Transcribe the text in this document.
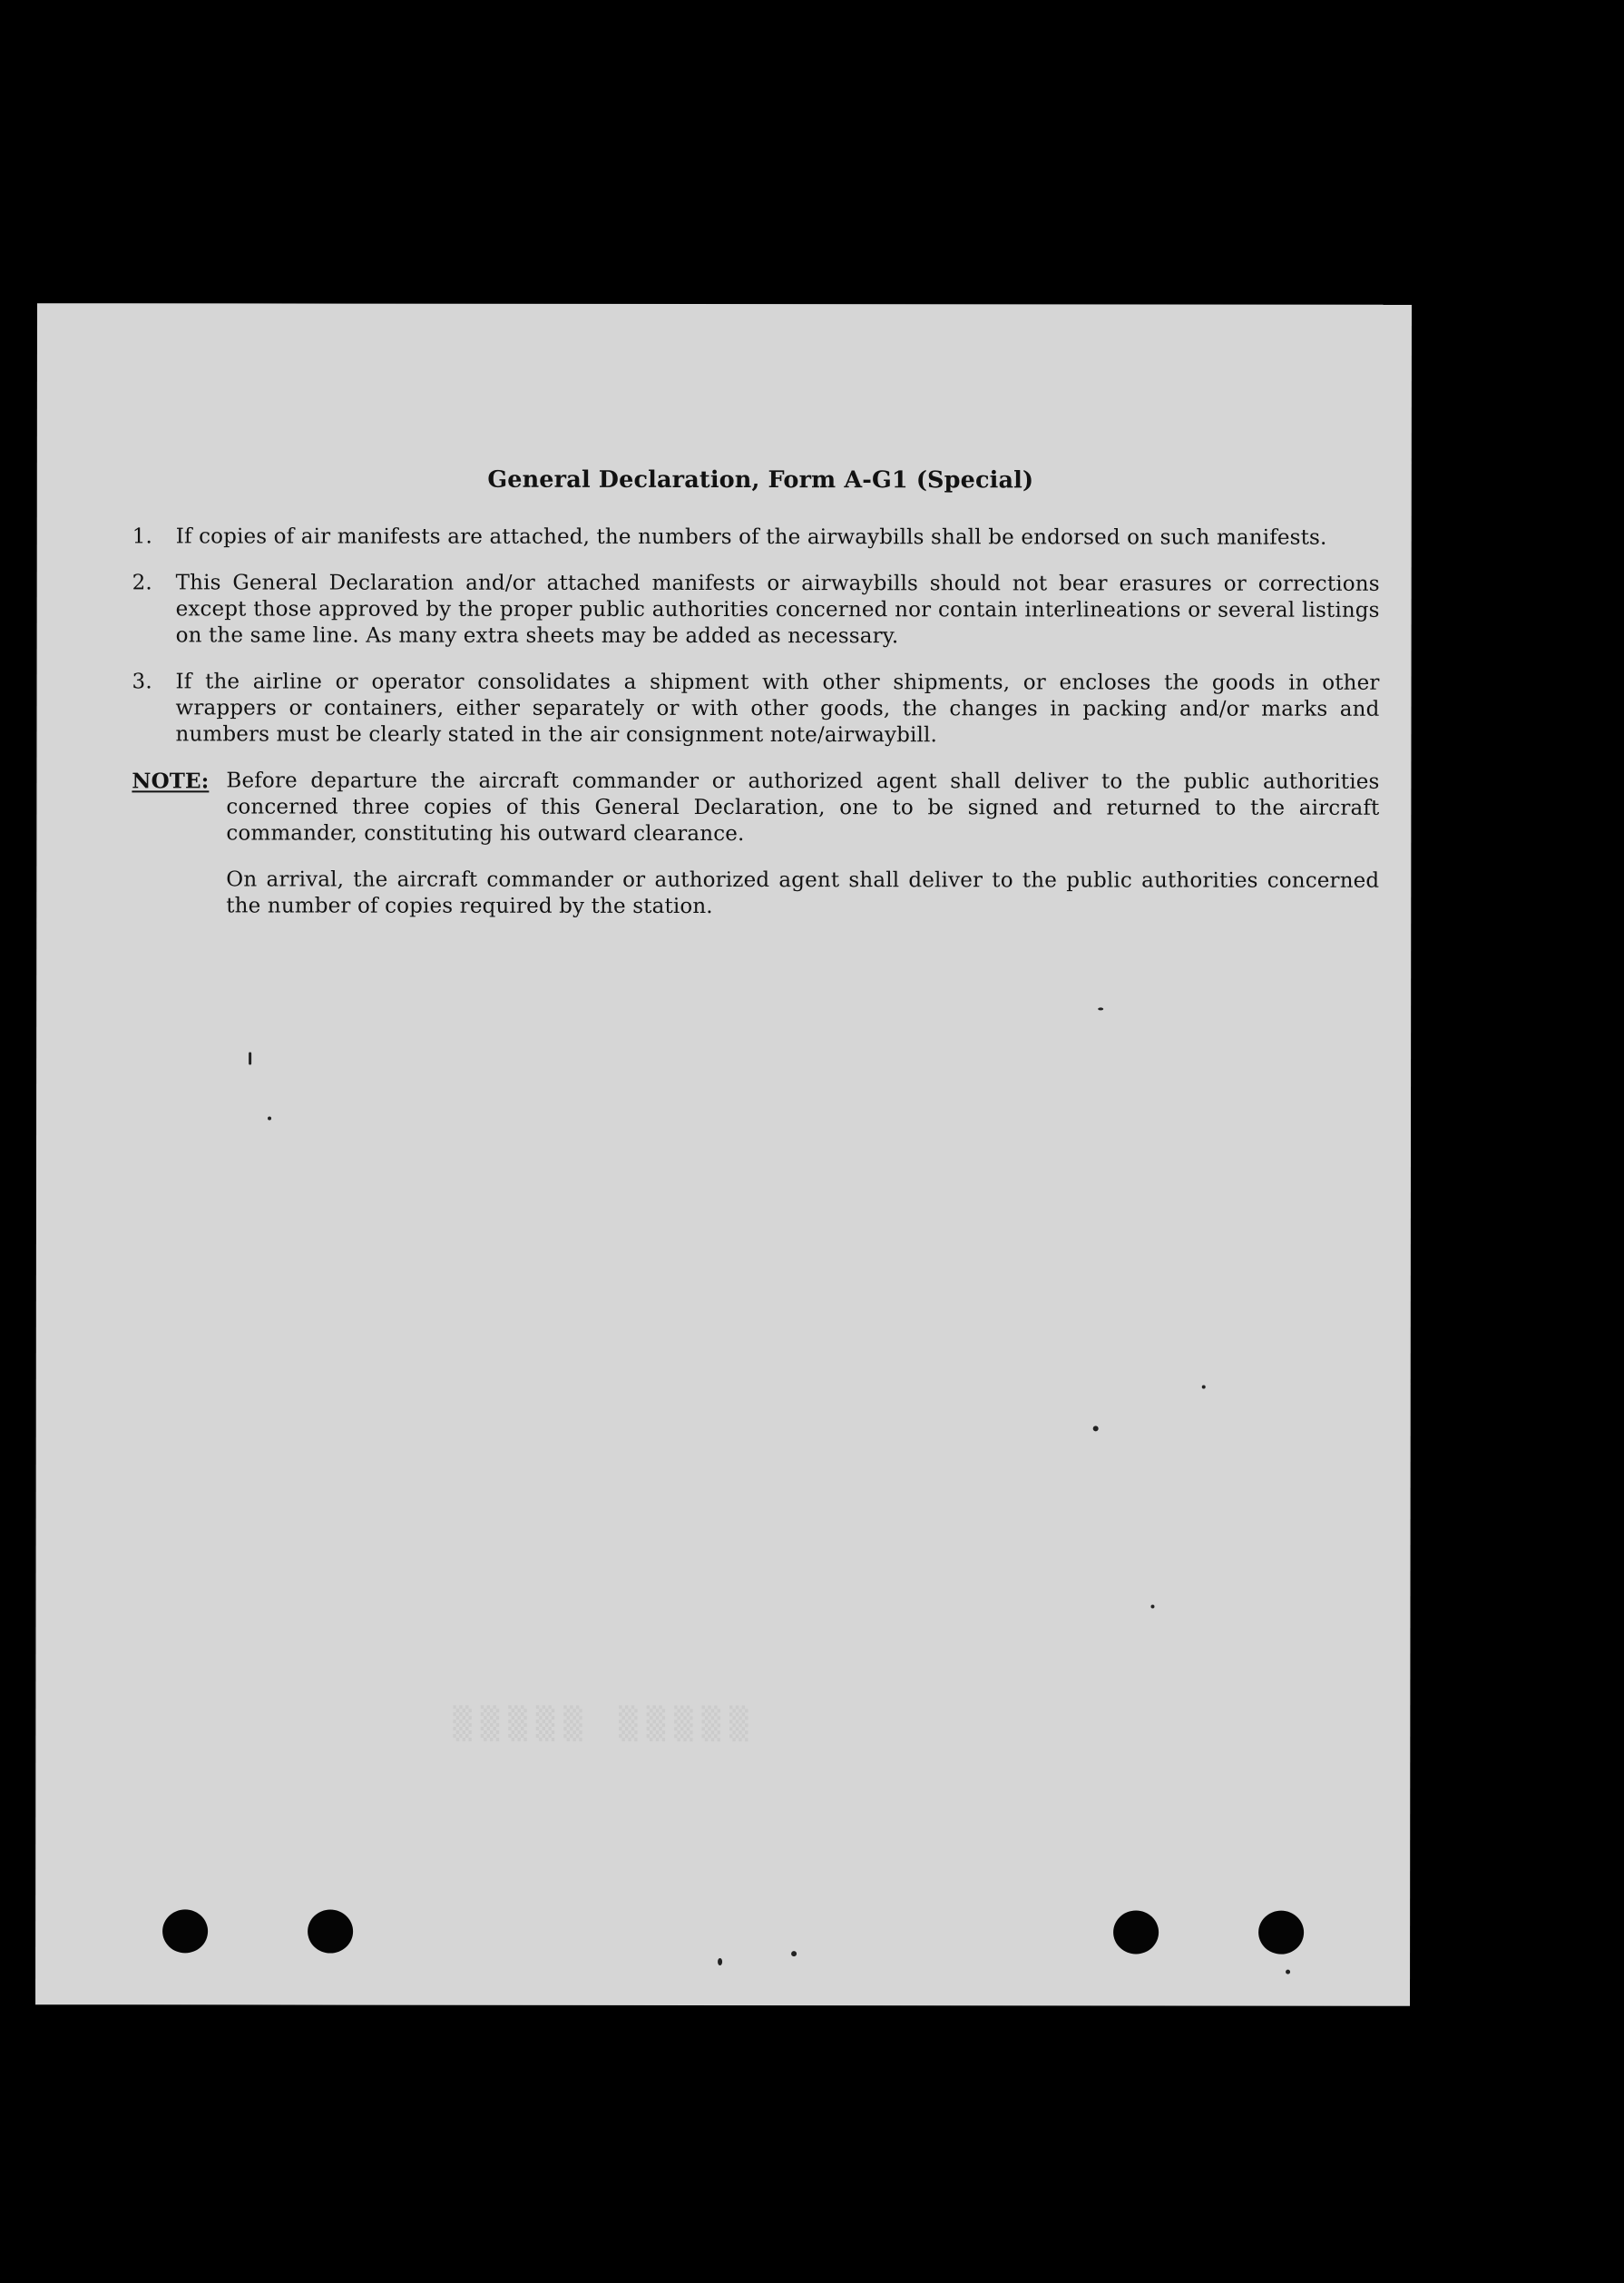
▒▒▒▒▒ ▒▒▒▒▒
General Declaration, Form A-G1 (Special)
1. If copies of air manifests are attached, the numbers of the airwaybills shall be endorsed on such manifests.
2. This General Declaration and/or attached manifests or airwaybills should not bear erasures or corrections except those approved by the proper public authorities concerned nor contain interlineations or several listings on the same line. As many extra sheets may be added as necessary.
3. If the airline or operator consolidates a shipment with other shipments, or encloses the goods in other wrappers or containers, either separately or with other goods, the changes in packing and/or marks and numbers must be clearly stated in the air consignment note/airwaybill.
NOTE: Before departure the aircraft commander or authorized agent shall deliver to the public authorities concerned three copies of this General Declaration, one to be signed and returned to the aircraft commander, constituting his outward clearance.

On arrival, the aircraft commander or authorized agent shall deliver to the public authorities concerned the number of copies required by the station.
